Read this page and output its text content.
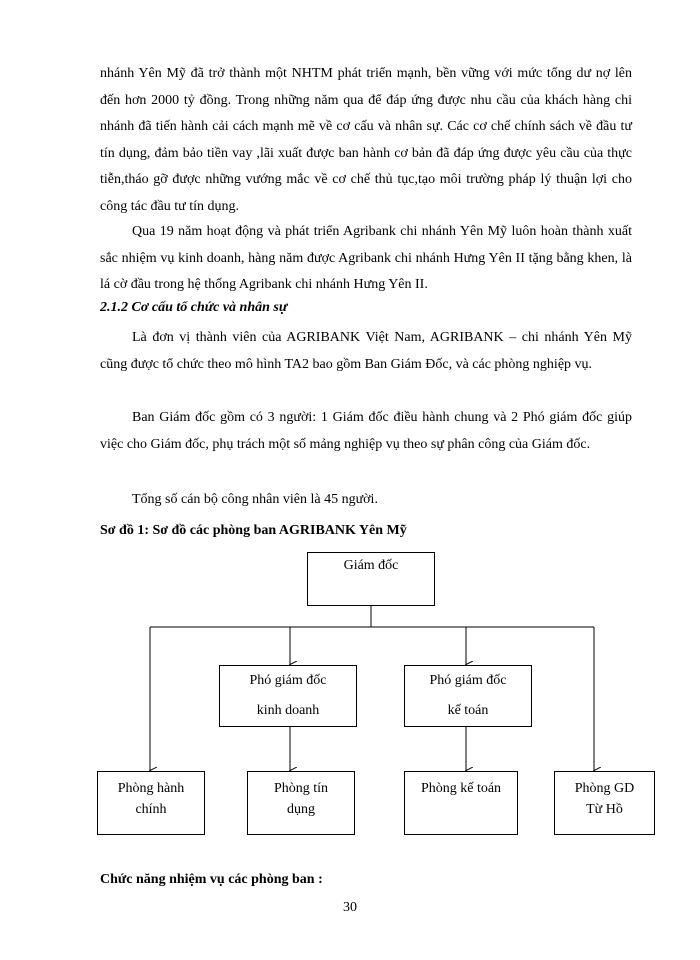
nhánh Yên Mỹ đã trở thành một NHTM phát triển mạnh, bền vững với mức tổng dư nợ lên đến hơn 2000 tỷ đồng. Trong những năm qua để đáp ứng được nhu cầu của khách hàng chi nhánh đã tiến hành cải cách mạnh mẽ về cơ cấu và nhân sự. Các cơ chế chính sách về đầu tư tín dụng, đảm bảo tiền vay ,lãi xuất được ban hành cơ bản đã đáp ứng được yêu cầu của thực tiễn,tháo gỡ được những vướng mắc về cơ chế thủ tục,tạo môi trường pháp lý thuận lợi cho công tác đầu tư tín dụng.

Qua 19 năm hoạt động và phát triển Agribank chi nhánh Yên Mỹ luôn hoàn thành xuất sắc nhiệm vụ kinh doanh, hàng năm được Agribank chi nhánh Hưng Yên II tặng bằng khen, là lá cờ đầu trong hệ thống Agribank chi nhánh Hưng Yên II.

2.1.2 Cơ cấu tổ chức và nhân sự

Là đơn vị thành viên của AGRIBANK Việt Nam, AGRIBANK – chi nhánh Yên Mỹ cũng được tổ chức theo mô hình TA2 bao gồm Ban Giám Đốc, và các phòng nghiệp vụ.

Ban Giám đốc gồm có 3 người: 1 Giám đốc điều hành chung và 2 Phó giám đốc giúp việc cho Giám đốc, phụ trách một số mảng nghiệp vụ theo sự phân công của Giám đốc.

Tổng số cán bộ công nhân viên là 45 người.

Sơ đồ 1: Sơ đồ các phòng ban AGRIBANK Yên Mỹ

Giám đốc
Phó giám đốc
kinh doanh
Phó giám đốc
kế toán
Phòng hành
chính
Phòng tín
dụng
Phòng kế toán	Phòng GD
Từ Hồ

Chức năng nhiệm vụ các phòng ban :

30
